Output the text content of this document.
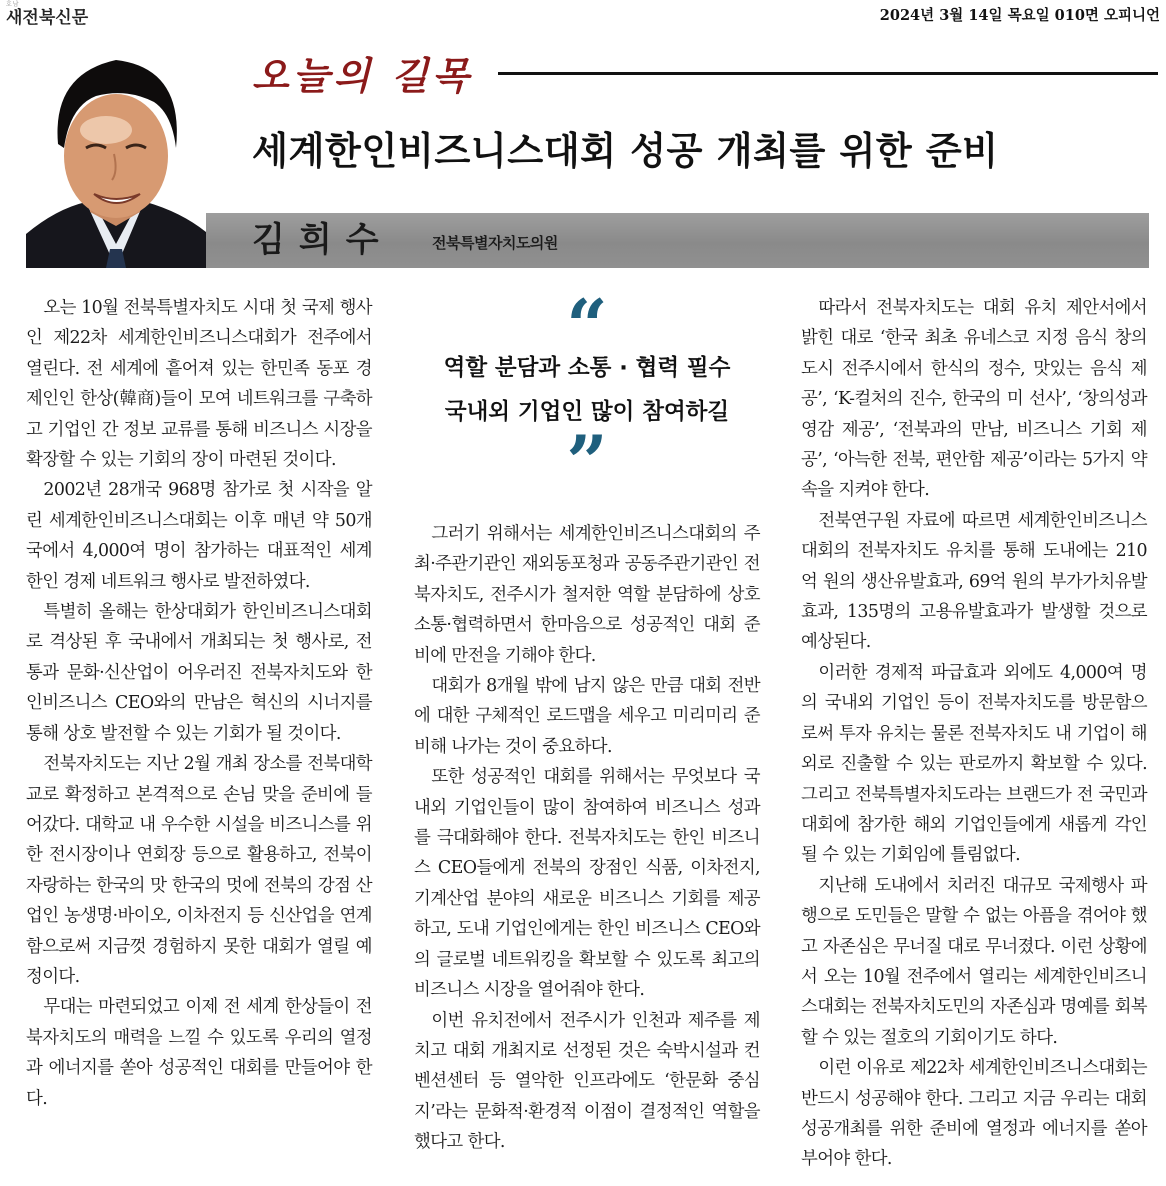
호남
새전북신문	2024년 3월 14일 목요일 010면 오피니언
오늘의 길목
세계한인비즈니스대회 성공 개최를 위한 준비
김희수	전북특별자치도의원

오는 10월 전북특별자치도 시대 첫 국제 행사인 제22차 세계한인비즈니스대회가 전주에서 열린다. 전 세계에 흩어져 있는 한민족 동포 경제인인 한상(韓商)들이 모여 네트워크를 구축하고 기업인 간 정보 교류를 통해 비즈니스 시장을 확장할 수 있는 기회의 장이 마련된 것이다.

2002년 28개국 968명 참가로 첫 시작을 알린 세계한인비즈니스대회는 이후 매년 약 50개국에서 4,000여 명이 참가하는 대표적인 세계 한인 경제 네트워크 행사로 발전하였다.

특별히 올해는 한상대회가 한인비즈니스대회로 격상된 후 국내에서 개최되는 첫 행사로, 전통과 문화·신산업이 어우러진 전북자치도와 한인비즈니스 CEO와의 만남은 혁신의 시너지를 통해 상호 발전할 수 있는 기회가 될 것이다.

전북자치도는 지난 2월 개최 장소를 전북대학교로 확정하고 본격적으로 손님 맞을 준비에 들어갔다. 대학교 내 우수한 시설을 비즈니스를 위한 전시장이나 연회장 등으로 활용하고, 전북이 자랑하는 한국의 맛 한국의 멋에 전북의 강점 산업인 농생명·바이오, 이차전지 등 신산업을 연계함으로써 지금껏 경험하지 못한 대회가 열릴 예정이다.

무대는 마련되었고 이제 전 세계 한상들이 전북자치도의 매력을 느낄 수 있도록 우리의 열정과 에너지를 쏟아 성공적인 대회를 만들어야 한다.

“
역할 분담과 소통 · 협력 필수
국내외 기업인 많이 참여하길
”

그러기 위해서는 세계한인비즈니스대회의 주최·주관기관인 재외동포청과 공동주관기관인 전북자치도, 전주시가 철저한 역할 분담하에 상호 소통·협력하면서 한마음으로 성공적인 대회 준비에 만전을 기해야 한다.

대회가 8개월 밖에 남지 않은 만큼 대회 전반에 대한 구체적인 로드맵을 세우고 미리미리 준비해 나가는 것이 중요하다.

또한 성공적인 대회를 위해서는 무엇보다 국내외 기업인들이 많이 참여하여 비즈니스 성과를 극대화해야 한다. 전북자치도는 한인 비즈니스 CEO들에게 전북의 장점인 식품, 이차전지, 기계산업 분야의 새로운 비즈니스 기회를 제공하고, 도내 기업인에게는 한인 비즈니스 CEO와의 글로벌 네트워킹을 확보할 수 있도록 최고의 비즈니스 시장을 열어줘야 한다.

이번 유치전에서 전주시가 인천과 제주를 제치고 대회 개최지로 선정된 것은 숙박시설과 컨벤션센터 등 열악한 인프라에도 ‘한문화 중심지’라는 문화적·환경적 이점이 결정적인 역할을 했다고 한다.

따라서 전북자치도는 대회 유치 제안서에서 밝힌 대로 ‘한국 최초 유네스코 지정 음식 창의도시 전주시에서 한식의 정수, 맛있는 음식 제공’, ‘K-컬처의 진수, 한국의 미 선사’, ‘창의성과 영감 제공’, ‘전북과의 만남, 비즈니스 기회 제공’, ‘아늑한 전북, 편안함 제공’이라는 5가지 약속을 지켜야 한다.

전북연구원 자료에 따르면 세계한인비즈니스대회의 전북자치도 유치를 통해 도내에는 210억 원의 생산유발효과, 69억 원의 부가가치유발효과, 135명의 고용유발효과가 발생할 것으로 예상된다.

이러한 경제적 파급효과 외에도 4,000여 명의 국내외 기업인 등이 전북자치도를 방문함으로써 투자 유치는 물론 전북자치도 내 기업이 해외로 진출할 수 있는 판로까지 확보할 수 있다. 그리고 전북특별자치도라는 브랜드가 전 국민과 대회에 참가한 해외 기업인들에게 새롭게 각인될 수 있는 기회임에 틀림없다.

지난해 도내에서 치러진 대규모 국제행사 파행으로 도민들은 말할 수 없는 아픔을 겪어야 했고 자존심은 무너질 대로 무너졌다. 이런 상황에서 오는 10월 전주에서 열리는 세계한인비즈니스대회는 전북자치도민의 자존심과 명예를 회복할 수 있는 절호의 기회이기도 하다.

이런 이유로 제22차 세계한인비즈니스대회는 반드시 성공해야 한다. 그리고 지금 우리는 대회 성공개최를 위한 준비에 열정과 에너지를 쏟아부어야 한다.
